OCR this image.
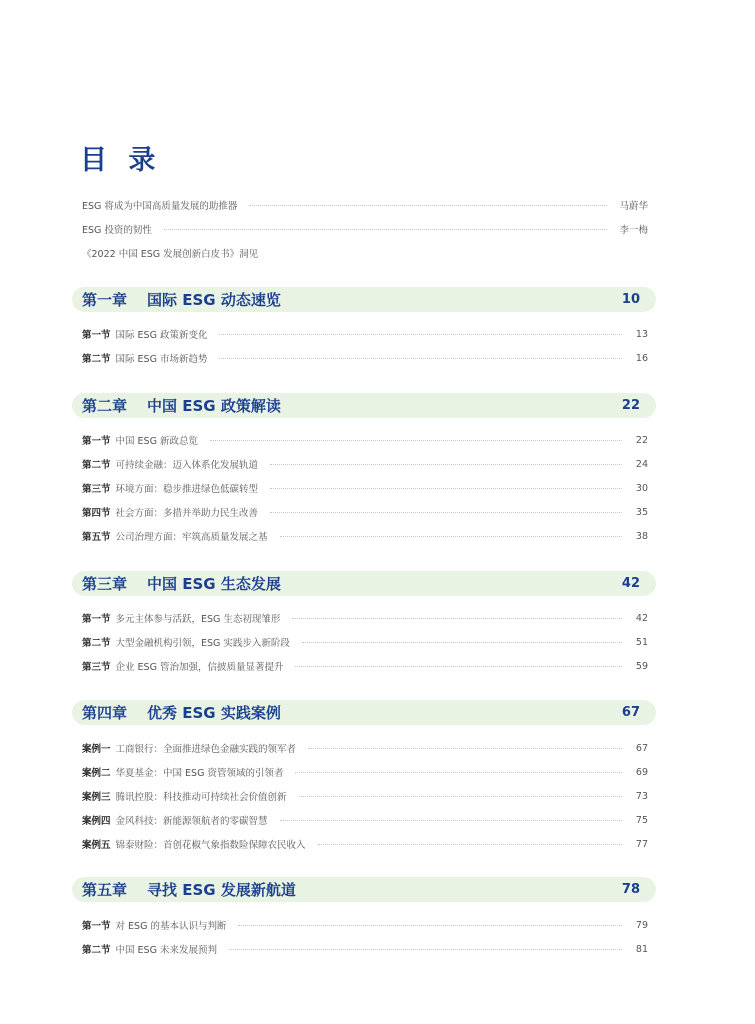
目 录
ESG 将成为中国高质量发展的助推器	马蔚华
ESG 投资的韧性	李一梅
《2022 中国 ESG 发展创新白皮书》洞见
第一章 国际 ESG 动态速览	10
第一节 国际 ESG 政策新变化	13
第二节 国际 ESG 市场新趋势	16
第二章 中国 ESG 政策解读	22
第一节 中国 ESG 新政总览	22
第二节 可持续金融：迈入体系化发展轨道	24
第三节 环境方面：稳步推进绿色低碳转型	30
第四节 社会方面：多措并举助力民生改善	35
第五节 公司治理方面：牢筑高质量发展之基	38
第三章 中国 ESG 生态发展	42
第一节 多元主体参与活跃，ESG 生态初现雏形	42
第二节 大型金融机构引领，ESG 实践步入新阶段	51
第三节 企业 ESG 管治加强，信披质量显著提升	59
第四章 优秀 ESG 实践案例	67
案例一 工商银行：全面推进绿色金融实践的领军者	67
案例二 华夏基金：中国 ESG 资管领域的引领者	69
案例三 腾讯控股：科技推动可持续社会价值创新	73
案例四 金风科技：新能源领航者的零碳智慧	75
案例五 锦泰财险：首创花椒气象指数险保障农民收入	77
第五章 寻找 ESG 发展新航道	78
第一节 对 ESG 的基本认识与判断	79
第二节 中国 ESG 未来发展预判	81
